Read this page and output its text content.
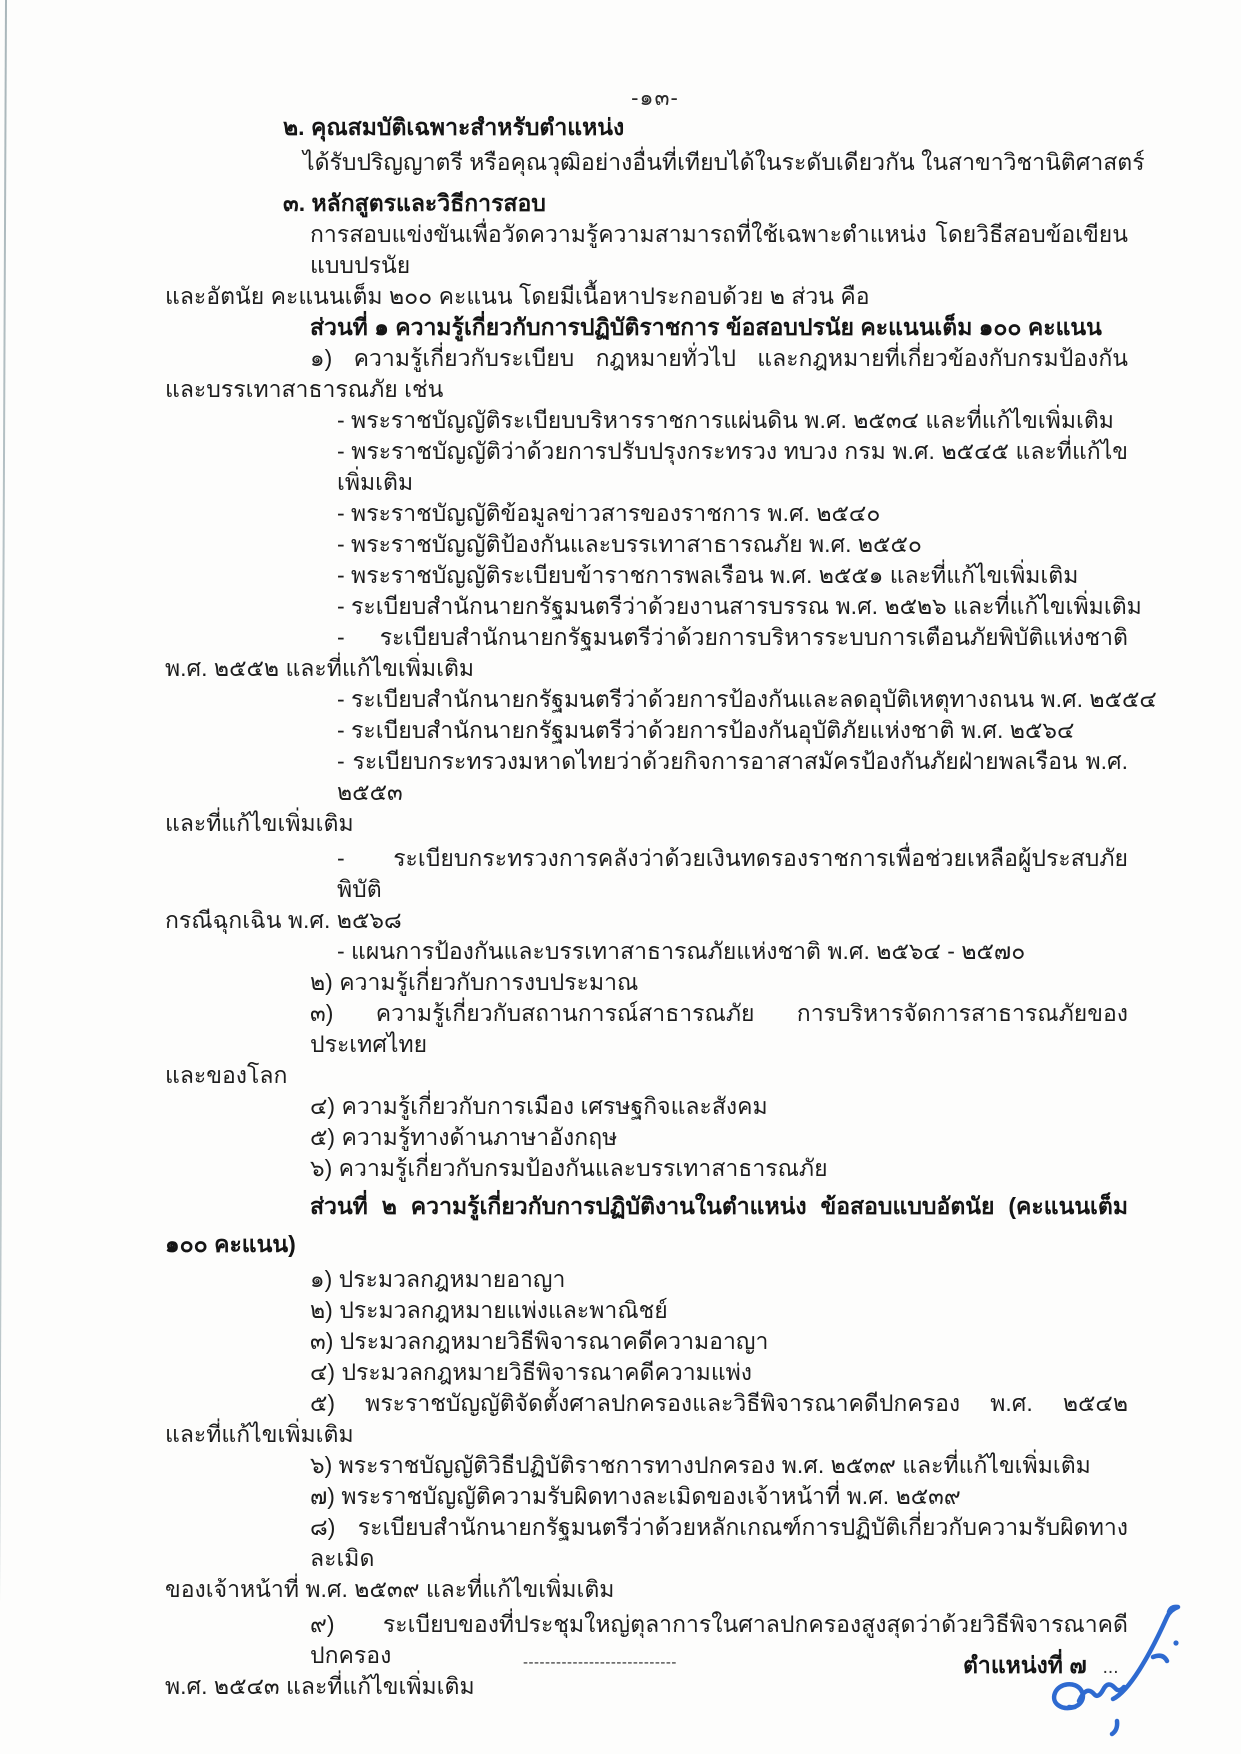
-๑๓-
๒. คุณสมบัติเฉพาะสำหรับตำแหน่ง
ได้รับปริญญาตรี หรือคุณวุฒิอย่างอื่นที่เทียบได้ในระดับเดียวกัน ในสาขาวิชานิติศาสตร์
๓. หลักสูตรและวิธีการสอบ
การสอบแข่งขันเพื่อวัดความรู้ความสามารถที่ใช้เฉพาะตำแหน่ง โดยวิธีสอบข้อเขียนแบบปรนัย
และอัตนัย คะแนนเต็ม ๒๐๐ คะแนน โดยมีเนื้อหาประกอบด้วย ๒ ส่วน คือ
ส่วนที่ ๑ ความรู้เกี่ยวกับการปฏิบัติราชการ ข้อสอบปรนัย คะแนนเต็ม ๑๐๐ คะแนน
๑) ความรู้เกี่ยวกับระเบียบ กฎหมายทั่วไป และกฎหมายที่เกี่ยวข้องกับกรมป้องกัน
และบรรเทาสาธารณภัย เช่น
- พระราชบัญญัติระเบียบบริหารราชการแผ่นดิน พ.ศ. ๒๕๓๔ และที่แก้ไขเพิ่มเติม
- พระราชบัญญัติว่าด้วยการปรับปรุงกระทรวง ทบวง กรม พ.ศ. ๒๕๔๕ และที่แก้ไขเพิ่มเติม
- พระราชบัญญัติข้อมูลข่าวสารของราชการ พ.ศ. ๒๕๔๐
- พระราชบัญญัติป้องกันและบรรเทาสาธารณภัย พ.ศ. ๒๕๕๐
- พระราชบัญญัติระเบียบข้าราชการพลเรือน พ.ศ. ๒๕๕๑ และที่แก้ไขเพิ่มเติม
- ระเบียบสำนักนายกรัฐมนตรีว่าด้วยงานสารบรรณ พ.ศ. ๒๕๒๖ และที่แก้ไขเพิ่มเติม
- ระเบียบสำนักนายกรัฐมนตรีว่าด้วยการบริหารระบบการเตือนภัยพิบัติแห่งชาติ
พ.ศ. ๒๕๕๒ และที่แก้ไขเพิ่มเติม
- ระเบียบสำนักนายกรัฐมนตรีว่าด้วยการป้องกันและลดอุบัติเหตุทางถนน พ.ศ. ๒๕๕๔
- ระเบียบสำนักนายกรัฐมนตรีว่าด้วยการป้องกันอุบัติภัยแห่งชาติ พ.ศ. ๒๕๖๔
- ระเบียบกระทรวงมหาดไทยว่าด้วยกิจการอาสาสมัครป้องกันภัยฝ่ายพลเรือน พ.ศ. ๒๕๕๓
และที่แก้ไขเพิ่มเติม
- ระเบียบกระทรวงการคลังว่าด้วยเงินทดรองราชการเพื่อช่วยเหลือผู้ประสบภัยพิบัติ
กรณีฉุกเฉิน พ.ศ. ๒๕๖๘
- แผนการป้องกันและบรรเทาสาธารณภัยแห่งชาติ พ.ศ. ๒๕๖๔ - ๒๕๗๐
๒) ความรู้เกี่ยวกับการงบประมาณ
๓) ความรู้เกี่ยวกับสถานการณ์สาธารณภัย การบริหารจัดการสาธารณภัยของประเทศไทย
และของโลก
๔) ความรู้เกี่ยวกับการเมือง เศรษฐกิจและสังคม
๕) ความรู้ทางด้านภาษาอังกฤษ
๖) ความรู้เกี่ยวกับกรมป้องกันและบรรเทาสาธารณภัย
ส่วนที่ ๒ ความรู้เกี่ยวกับการปฏิบัติงานในตำแหน่ง ข้อสอบแบบอัตนัย (คะแนนเต็ม
๑๐๐ คะแนน)
๑) ประมวลกฎหมายอาญา
๒) ประมวลกฎหมายแพ่งและพาณิชย์
๓) ประมวลกฎหมายวิธีพิจารณาคดีความอาญา
๔) ประมวลกฎหมายวิธีพิจารณาคดีความแพ่ง
๕) พระราชบัญญัติจัดตั้งศาลปกครองและวิธีพิจารณาคดีปกครอง พ.ศ. ๒๕๔๒
และที่แก้ไขเพิ่มเติม
๖) พระราชบัญญัติวิธีปฏิบัติราชการทางปกครอง พ.ศ. ๒๕๓๙ และที่แก้ไขเพิ่มเติม
๗) พระราชบัญญัติความรับผิดทางละเมิดของเจ้าหน้าที่ พ.ศ. ๒๕๓๙
๘) ระเบียบสำนักนายกรัฐมนตรีว่าด้วยหลักเกณฑ์การปฏิบัติเกี่ยวกับความรับผิดทางละเมิด
ของเจ้าหน้าที่ พ.ศ. ๒๕๓๙ และที่แก้ไขเพิ่มเติม
๙) ระเบียบของที่ประชุมใหญ่ตุลาการในศาลปกครองสูงสุดว่าด้วยวิธีพิจารณาคดีปกครอง
พ.ศ. ๒๕๔๓ และที่แก้ไขเพิ่มเติม
----------------------------	ตำแหน่งที่ ๗ ...
